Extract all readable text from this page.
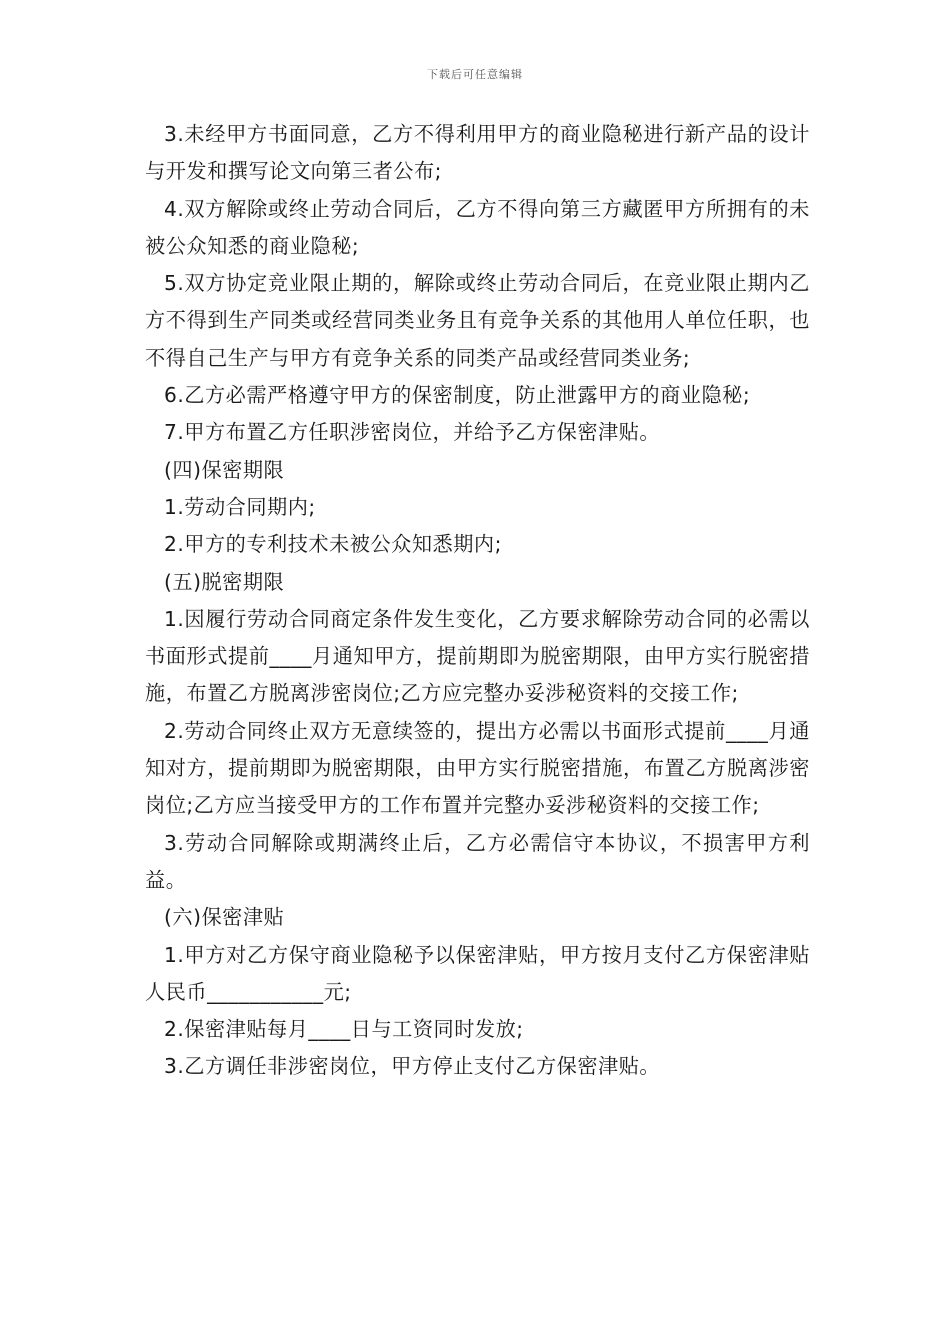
下载后可任意编辑

3.未经甲方书面同意，乙方不得利用甲方的商业隐秘进行新产品的设计与开发和撰写论文向第三者公布;

4.双方解除或终止劳动合同后，乙方不得向第三方藏匿甲方所拥有的未被公众知悉的商业隐秘;

5.双方协定竞业限止期的，解除或终止劳动合同后，在竞业限止期内乙方不得到生产同类或经营同类业务且有竞争关系的其他用人单位任职，也不得自己生产与甲方有竞争关系的同类产品或经营同类业务;

6.乙方必需严格遵守甲方的保密制度，防止泄露甲方的商业隐秘;

7.甲方布置乙方任职涉密岗位，并给予乙方保密津贴。

(四)保密期限

1.劳动合同期内;

2.甲方的专利技术未被公众知悉期内;

(五)脱密期限

1.因履行劳动合同商定条件发生变化，乙方要求解除劳动合同的必需以书面形式提前____月通知甲方，提前期即为脱密期限，由甲方实行脱密措施，布置乙方脱离涉密岗位;乙方应完整办妥涉秘资料的交接工作;

2.劳动合同终止双方无意续签的，提出方必需以书面形式提前____月通知对方，提前期即为脱密期限，由甲方实行脱密措施，布置乙方脱离涉密岗位;乙方应当接受甲方的工作布置并完整办妥涉秘资料的交接工作;

3.劳动合同解除或期满终止后，乙方必需信守本协议，不损害甲方利益。

(六)保密津贴

1.甲方对乙方保守商业隐秘予以保密津贴，甲方按月支付乙方保密津贴人民币___________元;

2.保密津贴每月____日与工资同时发放;

3.乙方调任非涉密岗位，甲方停止支付乙方保密津贴。
